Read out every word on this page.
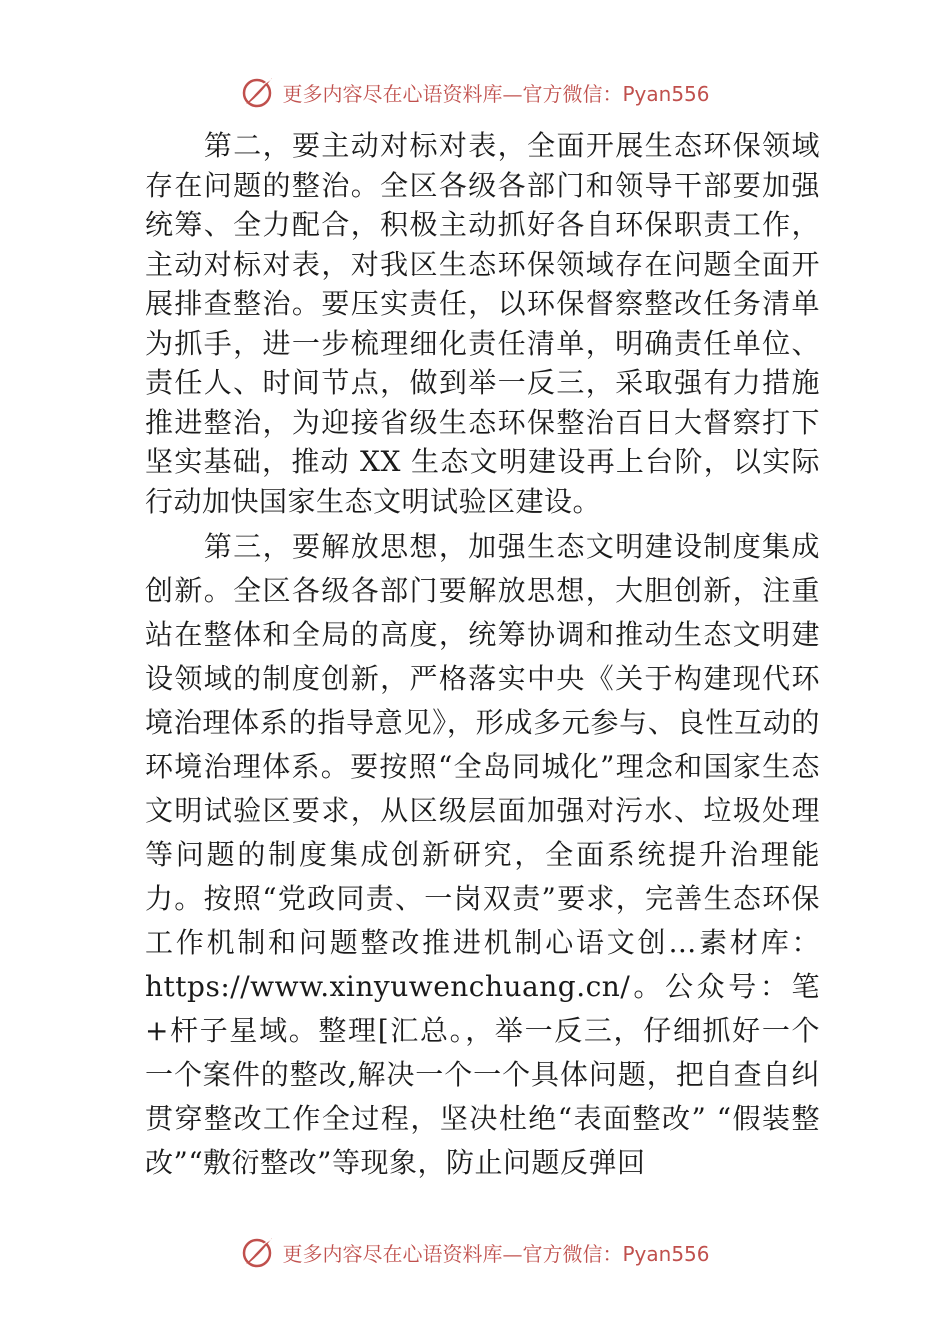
更多内容尽在心语资料库—官方微信：Pyan556

第二，要主动对标对表，全面开展生态环保领域存在问题的整治。全区各级各部门和领导干部要加强统筹、全力配合，积极主动抓好各自环保职责工作，主动对标对表，对我区生态环保领域存在问题全面开展排查整治。要压实责任，以环保督察整改任务清单为抓手，进一步梳理细化责任清单，明确责任单位、责任人、时间节点，做到举一反三，采取强有力措施推进整治，为迎接省级生态环保整治百日大督察打下坚实基础，推动 XX 生态文明建设再上台阶，以实际行动加快国家生态文明试验区建设。

第三，要解放思想，加强生态文明建设制度集成创新。全区各级各部门要解放思想，大胆创新，注重站在整体和全局的高度，统筹协调和推动生态文明建设领域的制度创新，严格落实中央《关于构建现代环境治理体系的指导意见》，形成多元参与、良性互动的环境治理体系。要按照“全岛同城化”理念和国家生态文明试验区要求，从区级层面加强对污水、垃圾处理等问题的制度集成创新研究，全面系统提升治理能力。按照“党政同责、一岗双责”要求，完善生态环保工作机制和问题整改推进机制心语文创…素材库：https://www.xinyuwenchuang.cn/。公众号：笔+杆子星域。整理[汇总。，举一反三，仔细抓好一个一个案件的整改,解决一个一个具体问题，把自查自纠贯穿整改工作全过程，坚决杜绝“表面整改” “假装整改”“敷衍整改”等现象，防止问题反弹回

更多内容尽在心语资料库—官方微信：Pyan556
